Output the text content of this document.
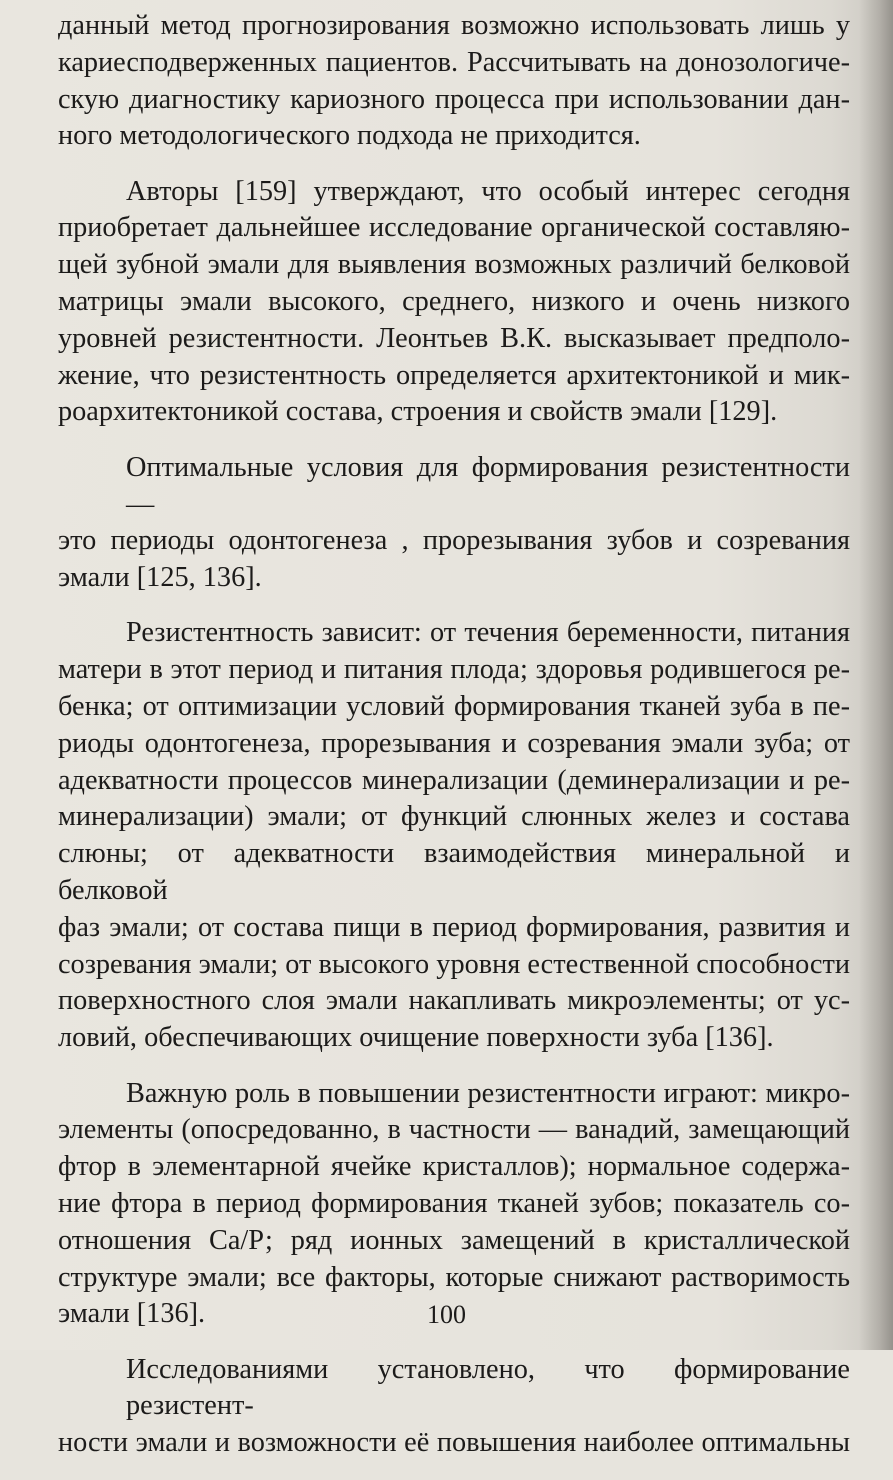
данный метод прогнозирования возможно использовать лишь у
кариесподверженных пациентов. Рассчитывать на донозологиче-
скую диагностику кариозного процесса при использовании дан-
ного методологического подхода не приходится.

Авторы [159] утверждают, что особый интерес сегодня
приобретает дальнейшее исследование органической составляю-
щей зубной эмали для выявления возможных различий белковой
матрицы эмали высокого, среднего, низкого и очень низкого
уровней резистентности. Леонтьев В.К. высказывает предполо-
жение, что резистентность определяется архитектоникой и мик-
роархитектоникой состава, строения и свойств эмали [129].

Оптимальные условия для формирования резистентности —
это периоды одонтогенеза , прорезывания зубов и созревания
эмали [125, 136].

Резистентность зависит: от течения беременности, питания
матери в этот период и питания плода; здоровья родившегося ре-
бенка; от оптимизации условий формирования тканей зуба в пе-
риоды одонтогенеза, прорезывания и созревания эмали зуба; от
адекватности процессов минерализации (деминерализации и ре-
минерализации) эмали; от функций слюнных желез и состава
слюны; от адекватности взаимодействия минеральной и белковой
фаз эмали; от состава пищи в период формирования, развития и
созревания эмали; от высокого уровня естественной способности
поверхностного слоя эмали накапливать микроэлементы; от ус-
ловий, обеспечивающих очищение поверхности зуба [136].

Важную роль в повышении резистентности играют: микро-
элементы (опосредованно, в частности — ванадий, замещающий
фтор в элементарной ячейке кристаллов); нормальное содержа-
ние фтора в период формирования тканей зубов; показатель со-
отношения Са/Р; ряд ионных замещений в кристаллической
структуре эмали; все факторы, которые снижают растворимость
эмали [136].

Исследованиями установлено, что формирование резистент-
ности эмали и возможности её повышения наиболее оптимальны

100
